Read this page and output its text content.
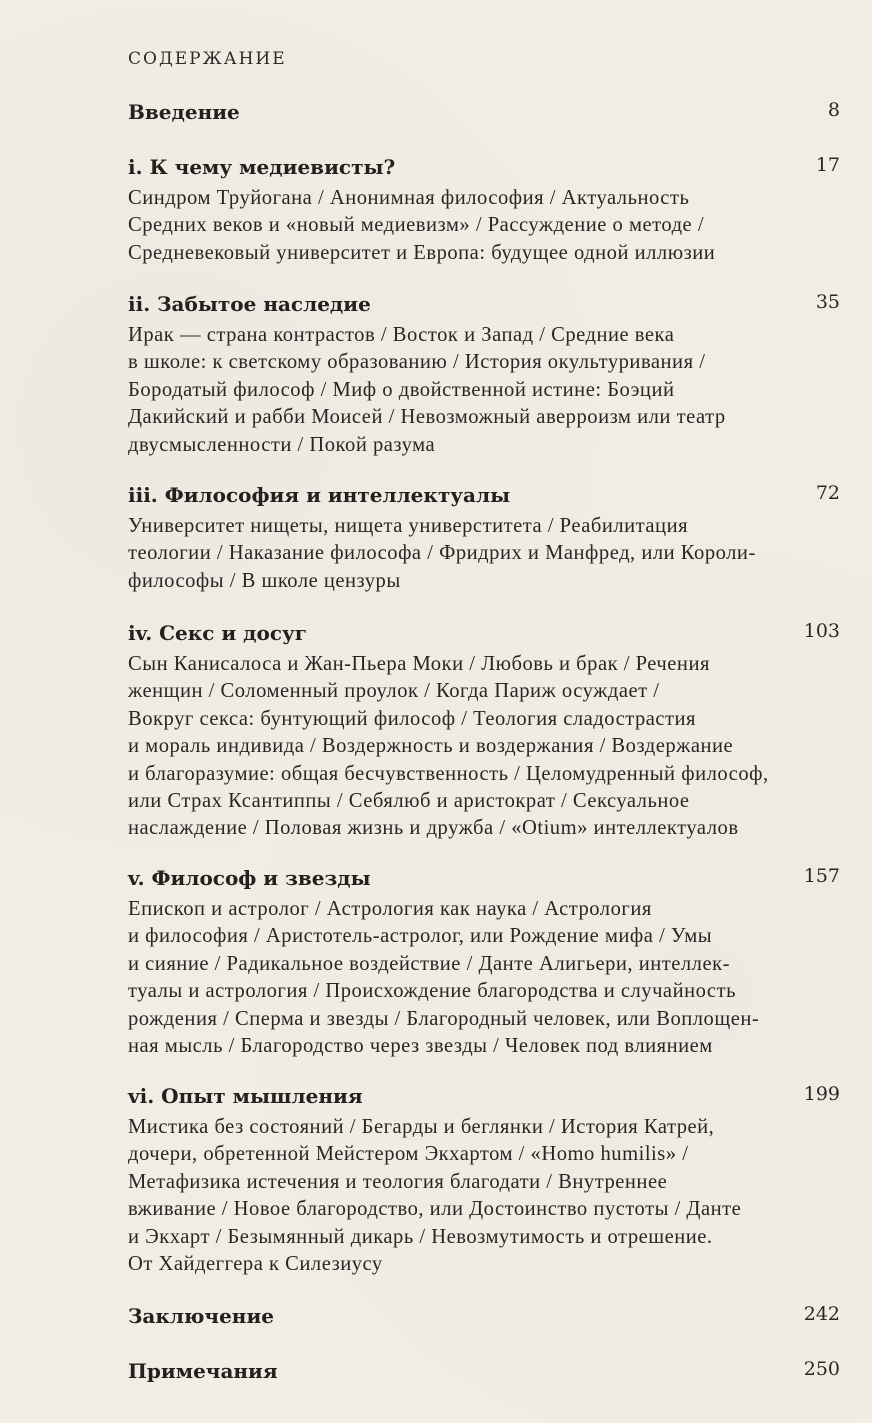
СОДЕРЖАНИЕ
Введение	8
i. К чему медиевисты?	17

Синдром Труйогана / Анонимная философия / Актуальность

Средних веков и «новый медиевизм» / Рассуждение о методе /

Средневековый университет и Европа: будущее одной иллюзии

ii. Забытое наследие	35

Ирак — страна контрастов / Восток и Запад / Средние века

в школе: к светскому образованию / История окультуривания /

Бородатый философ / Миф о двойственной истине: Боэций

Дакийский и рабби Моисей / Невозможный аверроизм или театр

двусмысленности / Покой разума

iii. Философия и интеллектуалы	72

Университет нищеты, нищета универститета / Реабилитация

теологии / Наказание философа / Фридрих и Манфред, или Короли-

философы / В школе цензуры

iv. Секс и досуг	103

Сын Канисалоса и Жан-Пьера Моки / Любовь и брак / Речения

женщин / Соломенный проулок / Когда Париж осуждает /

Вокруг секса: бунтующий философ / Теология сладострастия

и мораль индивида / Воздержность и воздержания / Воздержание

и благоразумие: общая бесчувственность / Целомудренный философ,

или Страх Ксантиппы / Себялюб и аристократ / Сексуальное

наслаждение / Половая жизнь и дружба / «Otium» интеллектуалов

v. Философ и звезды	157

Епископ и астролог / Астрология как наука / Астрология

и философия / Аристотель-астролог, или Рождение мифа / Умы

и сияние / Радикальное воздействие / Данте Алигьери, интеллек-

туалы и астрология / Происхождение благородства и случайность

рождения / Сперма и звезды / Благородный человек, или Воплощен-

ная мысль / Благородство через звезды / Человек под влиянием

vi. Опыт мышления	199

Мистика без состояний / Бегарды и беглянки / История Катрей,

дочери, обретенной Мейстером Экхартом / «Homo humilis» /

Метафизика истечения и теология благодати / Внутреннее

вживание / Новое благородство, или Достоинство пустоты / Данте

и Экхарт / Безымянный дикарь / Невозмутимость и отрешение.

От Хайдеггера к Силезиусу

Заключение	242
Примечания	250
